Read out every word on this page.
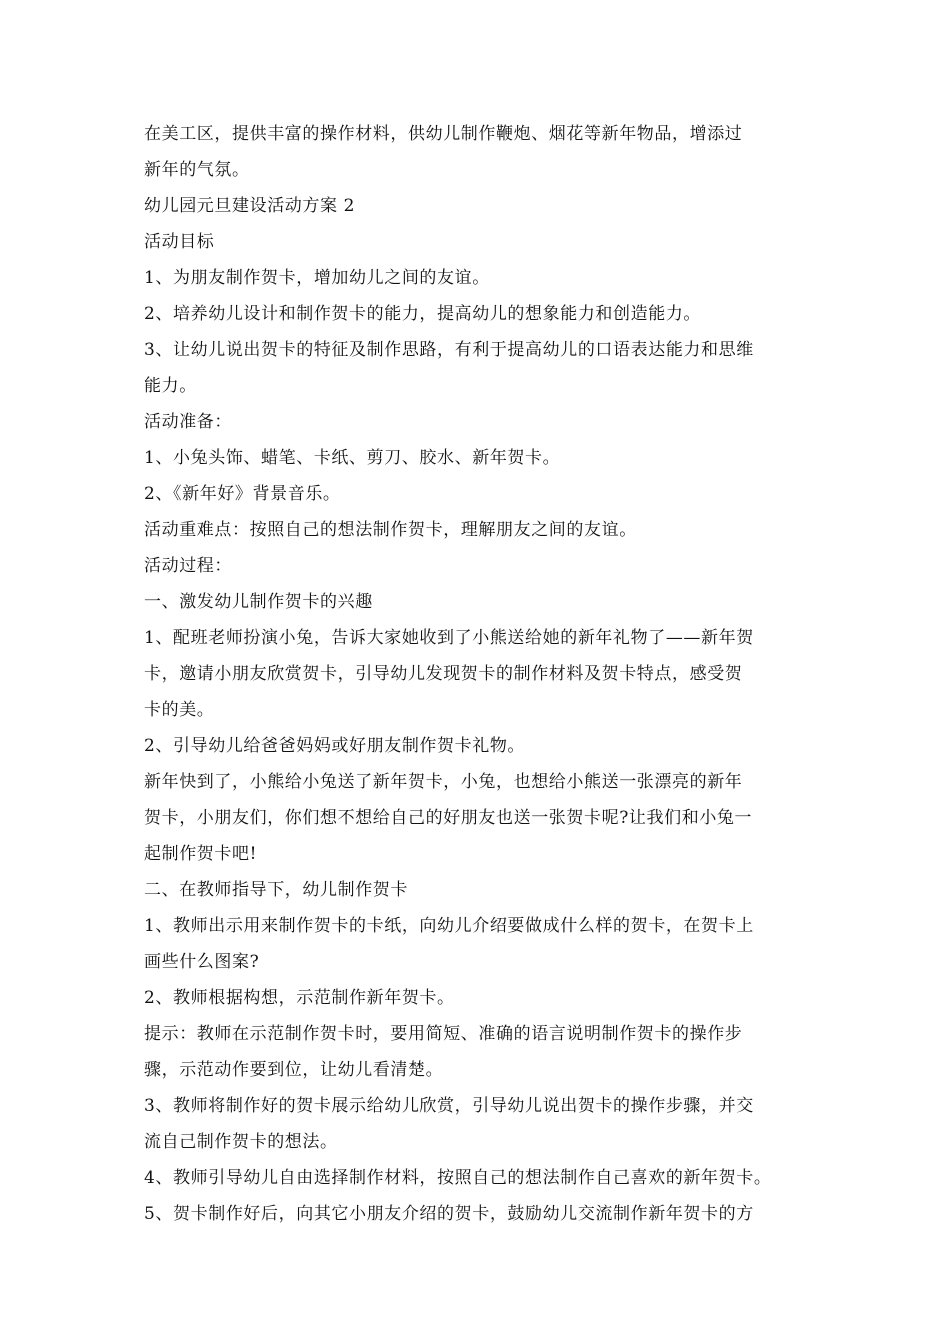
在美工区，提供丰富的操作材料，供幼儿制作鞭炮、烟花等新年物品，增添过
新年的气氛。
幼儿园元旦建设活动方案 2
活动目标
1、为朋友制作贺卡，增加幼儿之间的友谊。
2、培养幼儿设计和制作贺卡的能力，提高幼儿的想象能力和创造能力。
3、让幼儿说出贺卡的特征及制作思路，有利于提高幼儿的口语表达能力和思维
能力。
活动准备：
1、小兔头饰、蜡笔、卡纸、剪刀、胶水、新年贺卡。
2、《新年好》背景音乐。
活动重难点：按照自己的想法制作贺卡，理解朋友之间的友谊。
活动过程：
一、激发幼儿制作贺卡的兴趣
1、配班老师扮演小兔，告诉大家她收到了小熊送给她的新年礼物了——新年贺
卡，邀请小朋友欣赏贺卡，引导幼儿发现贺卡的制作材料及贺卡特点，感受贺
卡的美。
2、引导幼儿给爸爸妈妈或好朋友制作贺卡礼物。
新年快到了，小熊给小兔送了新年贺卡，小兔，也想给小熊送一张漂亮的新年
贺卡，小朋友们，你们想不想给自己的好朋友也送一张贺卡呢?让我们和小兔一
起制作贺卡吧!
二、在教师指导下，幼儿制作贺卡
1、教师出示用来制作贺卡的卡纸，向幼儿介绍要做成什么样的贺卡，在贺卡上
画些什么图案?
2、教师根据构想，示范制作新年贺卡。
提示：教师在示范制作贺卡时，要用简短、准确的语言说明制作贺卡的操作步
骤，示范动作要到位，让幼儿看清楚。
3、教师将制作好的贺卡展示给幼儿欣赏，引导幼儿说出贺卡的操作步骤，并交
流自己制作贺卡的想法。
4、教师引导幼儿自由选择制作材料，按照自己的想法制作自己喜欢的新年贺卡。
5、贺卡制作好后，向其它小朋友介绍的贺卡，鼓励幼儿交流制作新年贺卡的方
